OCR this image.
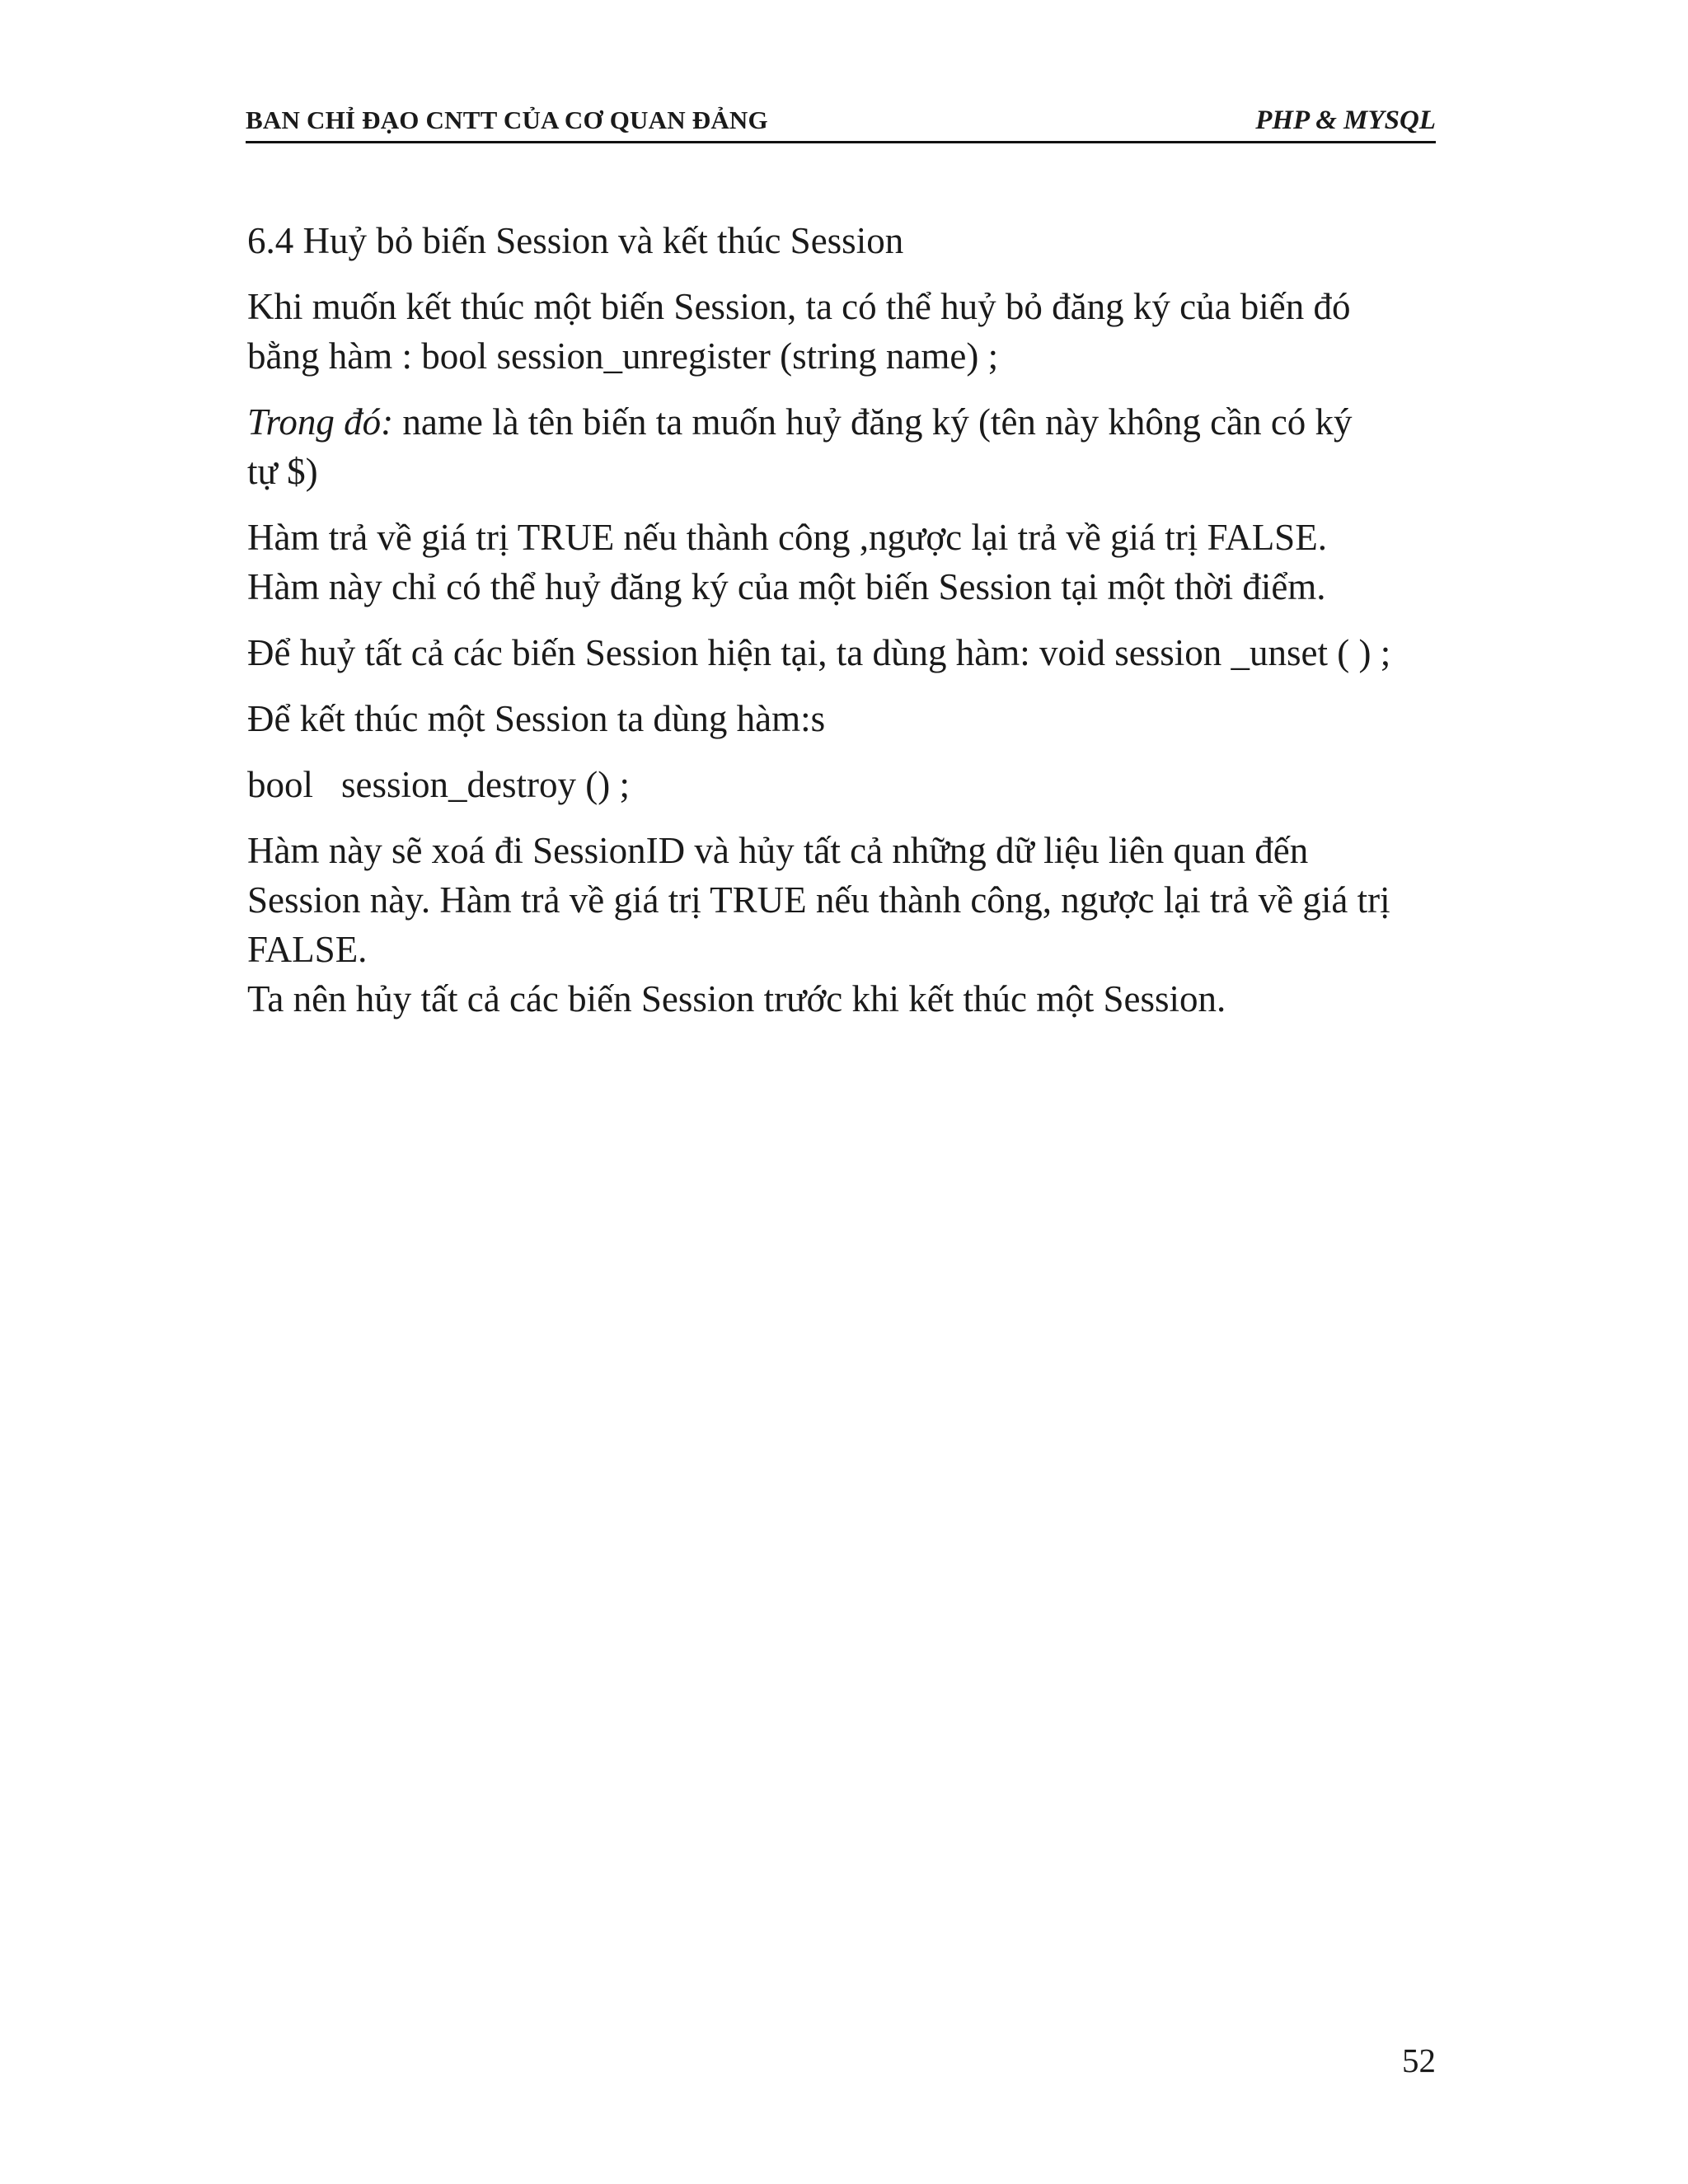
BAN CHỈ ĐẠO CNTT CỦA CƠ QUAN ĐẢNG	PHP & MYSQL

6.4 Huỷ bỏ biến Session và kết thúc Session

Khi muốn kết thúc một biến Session, ta có thể huỷ bỏ đăng ký của biến đó

bằng hàm : bool session_unregister (string name) ;

Trong đó: name là tên biến ta muốn huỷ đăng ký (tên này không cần có ký

tự $)

Hàm trả về giá trị TRUE nếu thành công ,ngược lại trả về giá trị FALSE.

Hàm này chỉ có thể huỷ đăng ký của một biến Session tại một thời điểm.

Để huỷ tất cả các biến Session hiện tại, ta dùng hàm: void session _unset ( ) ;

Để kết thúc một Session ta dùng hàm:s

bool session_destroy () ;

Hàm này sẽ xoá đi SessionID và hủy tất cả những dữ liệu liên quan đến

Session này. Hàm trả về giá trị TRUE nếu thành công, ngược lại trả về giá trị

FALSE.

Ta nên hủy tất cả các biến Session trước khi kết thúc một Session.

52
